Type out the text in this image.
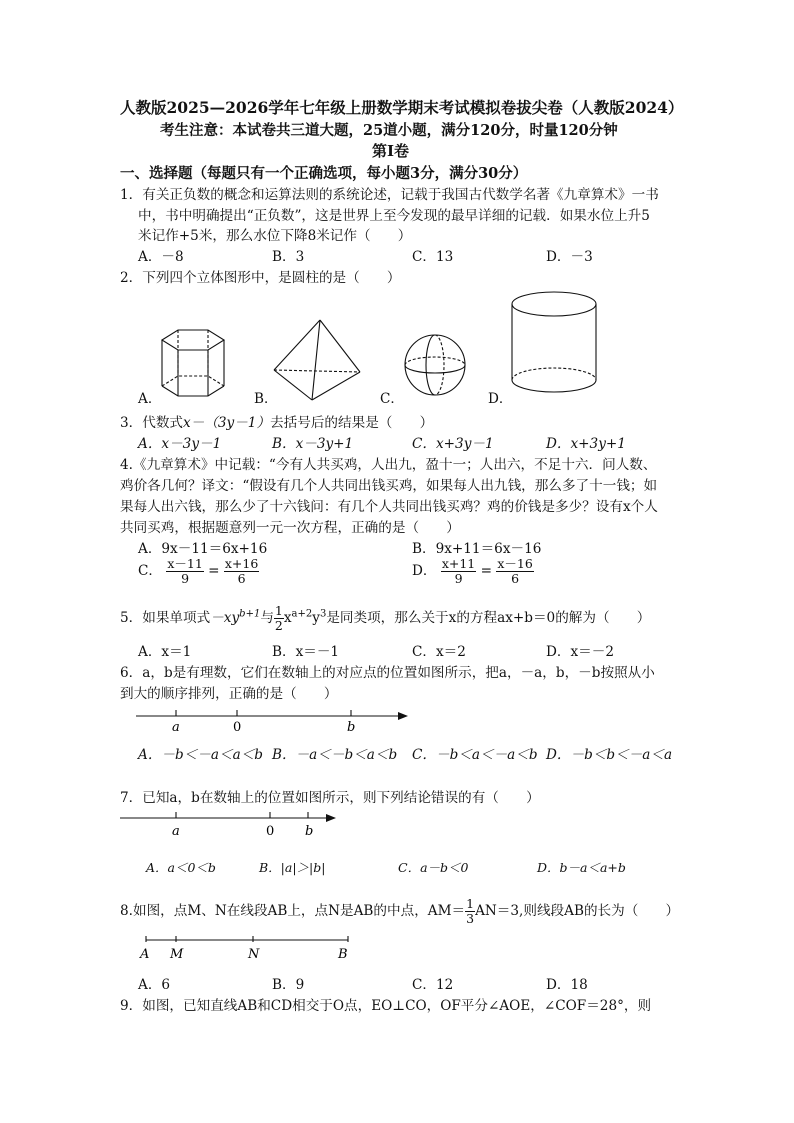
人教版2025—2026学年七年级上册数学期末考试模拟卷拔尖卷（人教版2024）
考生注意：本试卷共三道大题，25道小题，满分120分，时量120分钟
第Ⅰ卷
一、选择题（每题只有一个正确选项，每小题3分，满分30分）
1．有关正负数的概念和运算法则的系统论述，记载于我国古代数学名著《九章算术》一书
中，书中明确提出“正负数”，这是世界上至今发现的最早详细的记载．如果水位上升5
米记作+5米，那么水位下降8米记作（　　）
A．－8	B．3	C．13	D．－3
2．下列四个立体图形中，是圆柱的是（　　）
A．	B．	C．	D．
3．代数式x－（3y－1）去括号后的结果是（　　）
A．x－3y－1	B．x－3y+1	C．x+3y－1	D．x+3y+1
4.《九章算术》中记载：“今有人共买鸡，人出九，盈十一；人出六，不足十六．问人数、
鸡价各几何？译文：“假设有几个人共同出钱买鸡，如果每人出九钱，那么多了十一钱；如
果每人出六钱，那么少了十六钱问：有几个人共同出钱买鸡？鸡的价钱是多少？设有x个人
共同买鸡，根据题意列一元一次方程，正确的是（　　）
A．9x－11＝6x+16	B．9x+11＝6x－16
C． $\frac{x-11}{9} = \frac{x+16}{6}$	D． $\frac{x+11}{9} = \frac{x-16}{6}$
5．如果单项式$-xy^{b+1}$与 $\frac{1}{2} x^{a+2}y^3$是同类项，那么关于x的方程ax+b＝0的解为（　　）
A．x＝1	B．x＝－1	C．x＝2	D．x＝－2
6．a，b是有理数，它们在数轴上的对应点的位置如图所示，把a，－a，b，－b按照从小
到大的顺序排列，正确的是（　　）
a	0	b
A．－b＜－a＜a＜b B．－a＜－b＜a＜b C．－b＜a＜－a＜b D．－b＜b＜－a＜a
7．已知a，b在数轴上的位置如图所示，则下列结论错误的有（　　）
a	0 b
A．a＜0＜b	B．|a|＞|b|	C．a－b＜0	D．b－a＜a+b
8.如图，点M、N在线段AB上，点N是AB的中点，$AM= \frac{1}{3} AN=3$,则线段AB的长为（　　）
A M	N	B
A．6	B．9	C．12	D．18
9．如图，已知直线AB和CD相交于O点，EO⊥CO，OF平分∠AOE，∠COF＝28°，则
